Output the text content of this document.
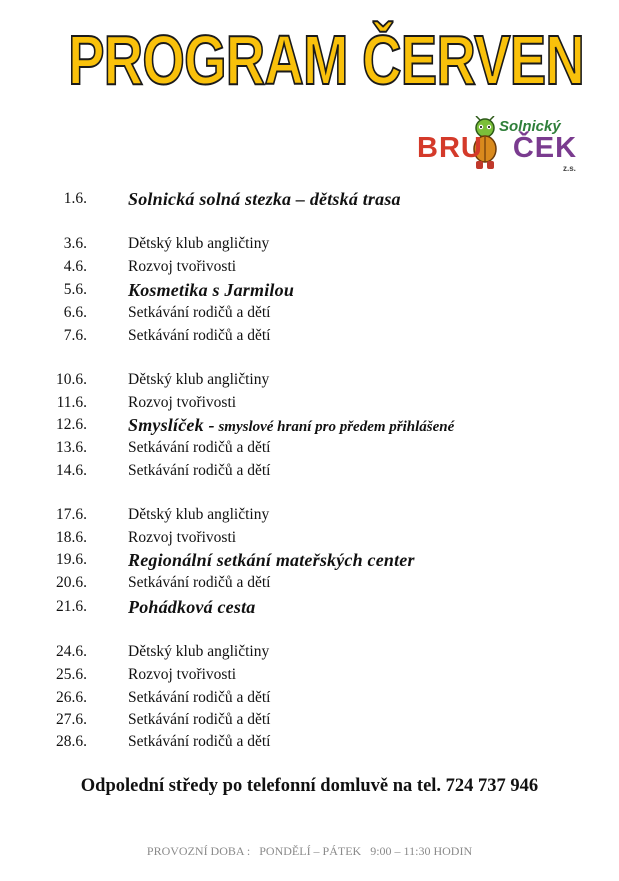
PROGRAM ČERVEN
Solnický
BRU ČEK
z.s.
1.6. Solnická solná stezka – dětská trasa
3.6.	Dětský klub angličtiny
4.6.	Rozvoj tvořivosti
5.6. Kosmetika s Jarmilou
6.6.	Setkávání rodičů a dětí
7.6.	Setkávání rodičů a dětí
10.6.	Dětský klub angličtiny
11.6.	Rozvoj tvořivosti
12.6. Smyslíček - smyslové hraní pro předem přihlášené
13.6.	Setkávání rodičů a dětí
14.6.	Setkávání rodičů a dětí
17.6.	Dětský klub angličtiny
18.6.	Rozvoj tvořivosti
19.6. Regionální setkání mateřských center
20.6.	Setkávání rodičů a dětí
21.6. Pohádková cesta
24.6.	Dětský klub angličtiny
25.6.	Rozvoj tvořivosti
26.6.	Setkávání rodičů a dětí
27.6.	Setkávání rodičů a dětí
28.6.	Setkávání rodičů a dětí
Odpolední středy po telefonní domluvě na tel. 724 737 946
PROVOZNÍ DOBA :   PONDĚLÍ – PÁTEK   9:00 – 11:30 HODIN
